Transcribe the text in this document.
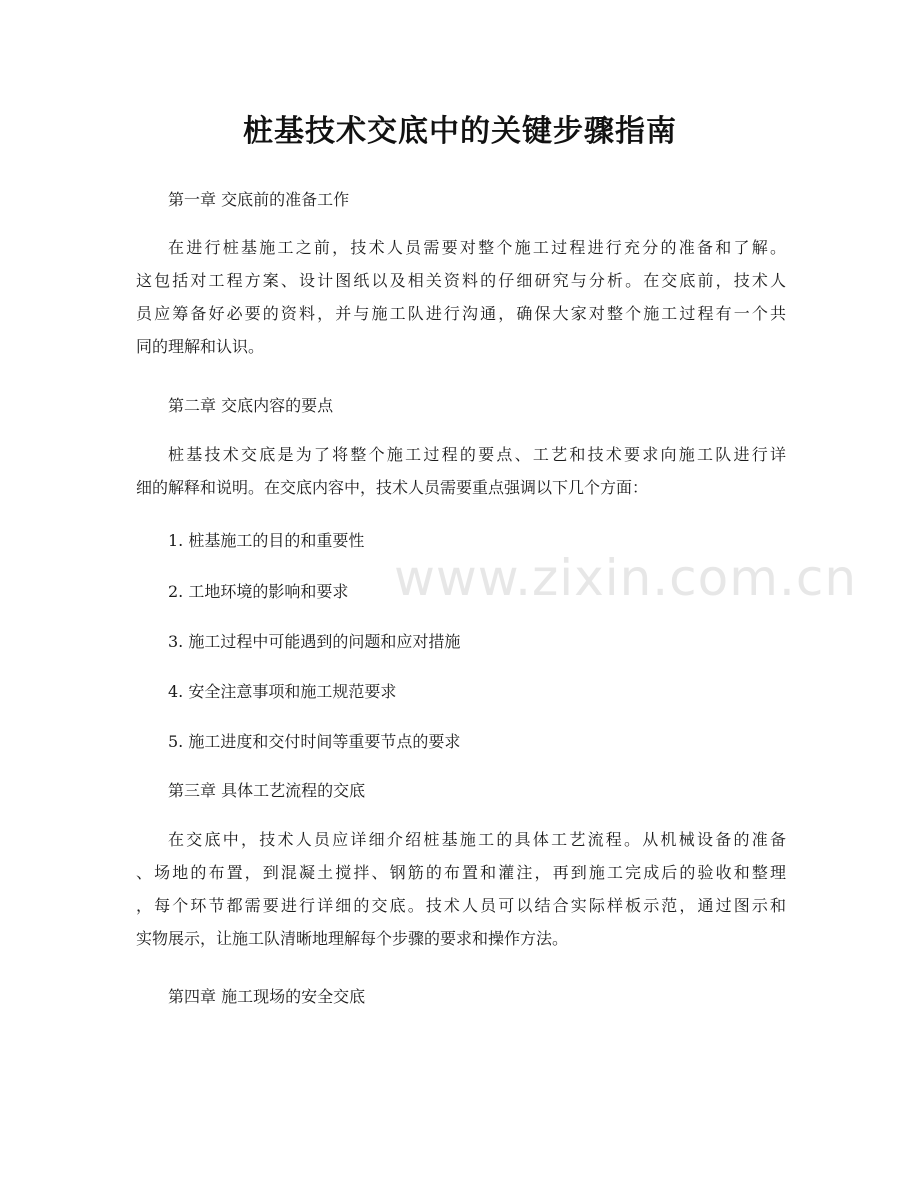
桩基技术交底中的关键步骤指南

第一章 交底前的准备工作

在进行桩基施工之前，技术人员需要对整个施工过程进行充分的准备和了解。

这包括对工程方案、设计图纸以及相关资料的仔细研究与分析。在交底前，技术人

员应筹备好必要的资料，并与施工队进行沟通，确保大家对整个施工过程有一个共

同的理解和认识。

第二章 交底内容的要点

桩基技术交底是为了将整个施工过程的要点、工艺和技术要求向施工队进行详

细的解释和说明。在交底内容中，技术人员需要重点强调以下几个方面：

1. 桩基施工的目的和重要性

2. 工地环境的影响和要求

3. 施工过程中可能遇到的问题和应对措施

4. 安全注意事项和施工规范要求

5. 施工进度和交付时间等重要节点的要求

第三章 具体工艺流程的交底

在交底中，技术人员应详细介绍桩基施工的具体工艺流程。从机械设备的准备

、场地的布置，到混凝土搅拌、钢筋的布置和灌注，再到施工完成后的验收和整理

，每个环节都需要进行详细的交底。技术人员可以结合实际样板示范，通过图示和

实物展示，让施工队清晰地理解每个步骤的要求和操作方法。

第四章 施工现场的安全交底

www.zixin.com.cn
